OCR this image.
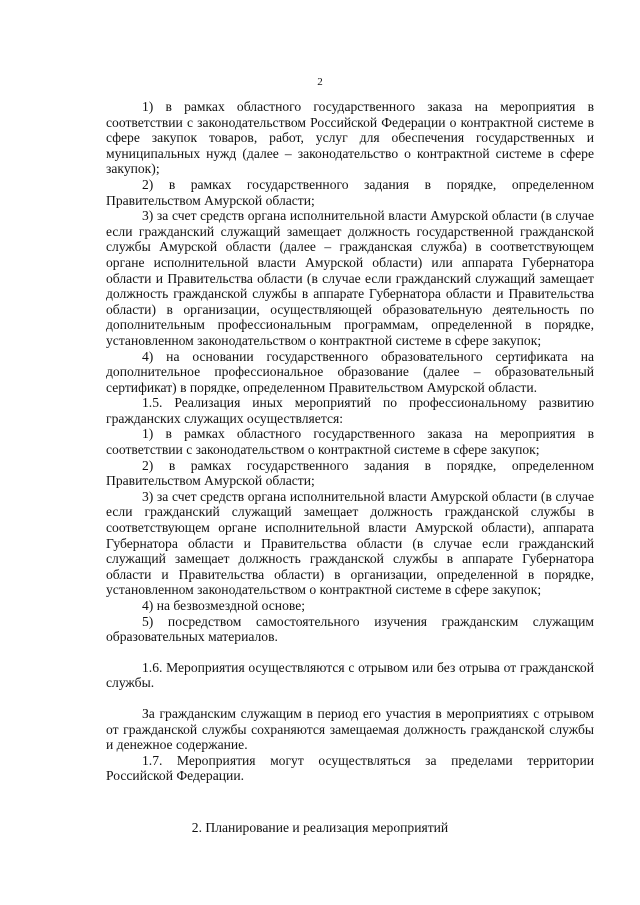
2

1) в рамках областного государственного заказа на мероприятия в соответствии с законодательством Российской Федерации о контрактной системе в сфере закупок товаров, работ, услуг для обеспечения государственных и муниципальных нужд (далее – законодательство о контрактной системе в сфере закупок);

2) в рамках государственного задания в порядке, определенном Правительством Амурской области;

3) за счет средств органа исполнительной власти Амурской области (в случае если гражданский служащий замещает должность государственной гражданской службы Амурской области (далее – гражданская служба) в соответствующем органе исполнительной власти Амурской области) или аппарата Губернатора области и Правительства области (в случае если гражданский служащий замещает должность гражданской службы в аппарате Губернатора области и Правительства области) в организации, осуществляющей образовательную деятельность по дополнительным профессиональным программам, определенной в порядке, установленном законодательством о контрактной системе в сфере закупок;

4) на основании государственного образовательного сертификата на дополнительное профессиональное образование (далее – образовательный сертификат) в порядке, определенном Правительством Амурской области.

1.5. Реализация иных мероприятий по профессиональному развитию гражданских служащих осуществляется:

1) в рамках областного государственного заказа на мероприятия в соответствии с законодательством о контрактной системе в сфере закупок;

2) в рамках государственного задания в порядке, определенном Правительством Амурской области;

3) за счет средств органа исполнительной власти Амурской области (в случае если гражданский служащий замещает должность гражданской службы в соответствующем органе исполнительной власти Амурской области), аппарата Губернатора области и Правительства области (в случае если гражданский служащий замещает должность гражданской службы в аппарате Губернатора области и Правительства области) в организации, определенной в порядке, установленном законодательством о контрактной системе в сфере закупок;

4) на безвозмездной основе;

5) посредством самостоятельного изучения гражданским служащим образовательных материалов.

1.6. Мероприятия осуществляются с отрывом или без отрыва от гражданской службы.

За гражданским служащим в период его участия в мероприятиях с отрывом от гражданской службы сохраняются замещаемая должность гражданской службы и денежное содержание.

1.7. Мероприятия могут осуществляться за пределами территории Российской Федерации.

2. Планирование и реализация мероприятий
